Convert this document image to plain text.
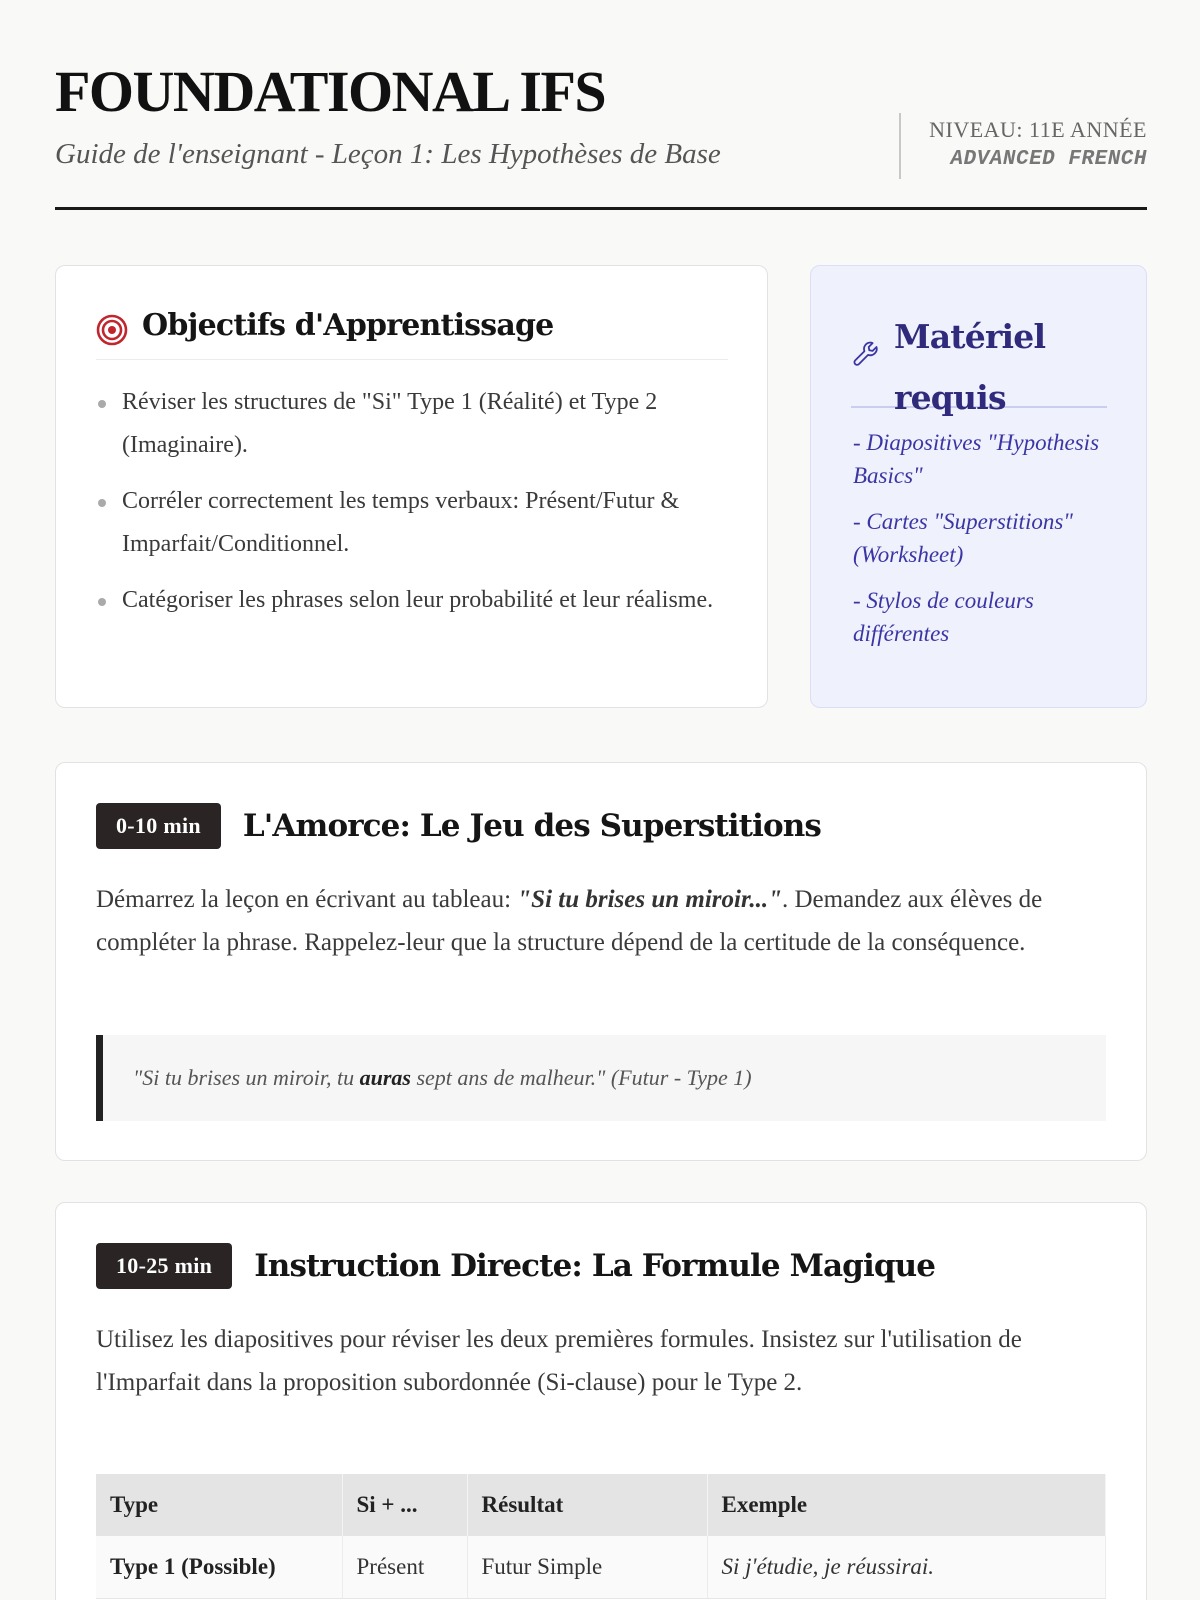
FOUNDATIONAL IFS
Guide de l'enseignant - Leçon 1: Les Hypothèses de Base
NIVEAU: 11E ANNÉE
ADVANCED FRENCH
Objectifs d'Apprentissage
Réviser les structures de "Si" Type 1 (Réalité) et Type 2 (Imaginaire).
Corréler correctement les temps verbaux: Présent/Futur & Imparfait/Conditionnel.
Catégoriser les phrases selon leur probabilité et leur réalisme.
Matériel
requis
- Diapositives "Hypothesis Basics"
- Cartes "Superstitions" (Worksheet)
- Stylos de couleurs différentes
0-10 min	L'Amorce: Le Jeu des Superstitions
Démarrez la leçon en écrivant au tableau: "Si tu brises un miroir...". Demandez aux élèves de compléter la phrase. Rappelez-leur que la structure dépend de la certitude de la conséquence.
"Si tu brises un miroir, tu auras sept ans de malheur." (Futur - Type 1)
10-25 min	Instruction Directe: La Formule Magique
Utilisez les diapositives pour réviser les deux premières formules. Insistez sur l'utilisation de l'Imparfait dans la proposition subordonnée (Si-clause) pour le Type 2.
Type	Si + ...	Résultat	Exemple
Type 1 (Possible)	Présent	Futur Simple	Si j'étudie, je réussirai.
